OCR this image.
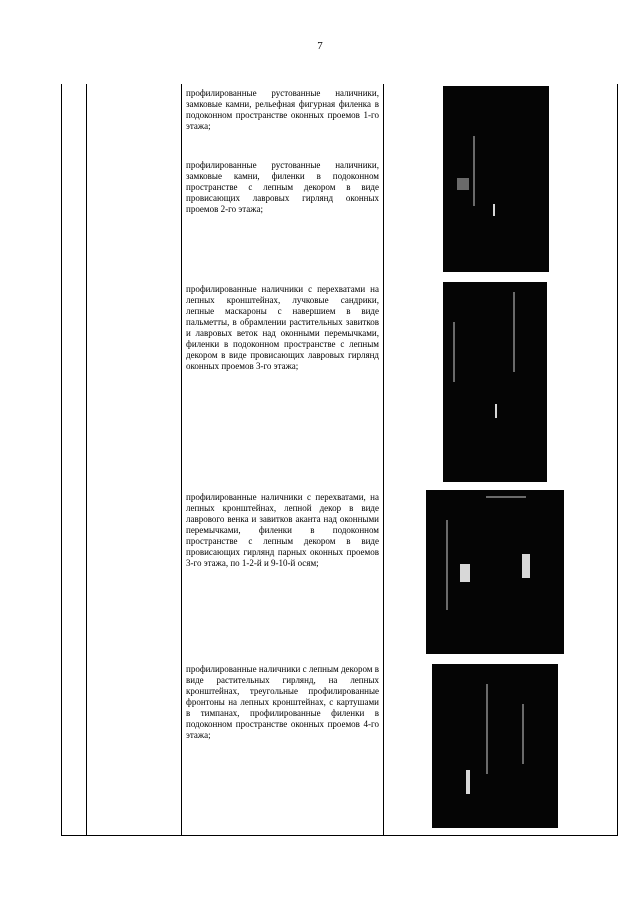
7
профилированные рустованные наличники, замковые камни, рельефная фигурная филенка в подоконном пространстве оконных проемов 1-го этажа;
профилированные рустованные наличники, замковые камни, филенки в подоконном пространстве с лепным декором в виде провисающих лавровых гирлянд оконных проемов 2-го этажа;
профилированные наличники с перехватами на лепных кронштейнах, лучковые сандрики, лепные маскароны с навершием в виде пальметты, в обрамлении растительных завитков и лавровых веток над оконными перемычками, филенки в подоконном пространстве с лепным декором в виде провисающих лавровых гирлянд оконных проемов 3-го этажа;
профилированные наличники с перехватами, на лепных кронштейнах, лепной декор в виде лаврового венка и завитков аканта над оконными перемычками, филенки в подоконном пространстве с лепным декором в виде провисающих гирлянд парных оконных проемов 3-го этажа, по 1-2-й и 9-10-й осям;
профилированные наличники с лепным декором в виде растительных гирлянд, на лепных кронштейнах, треугольные профилированные фронтоны на лепных кронштейнах, с картушами в тимпанах, профилированные филенки в подоконном пространстве оконных проемов 4-го этажа;
